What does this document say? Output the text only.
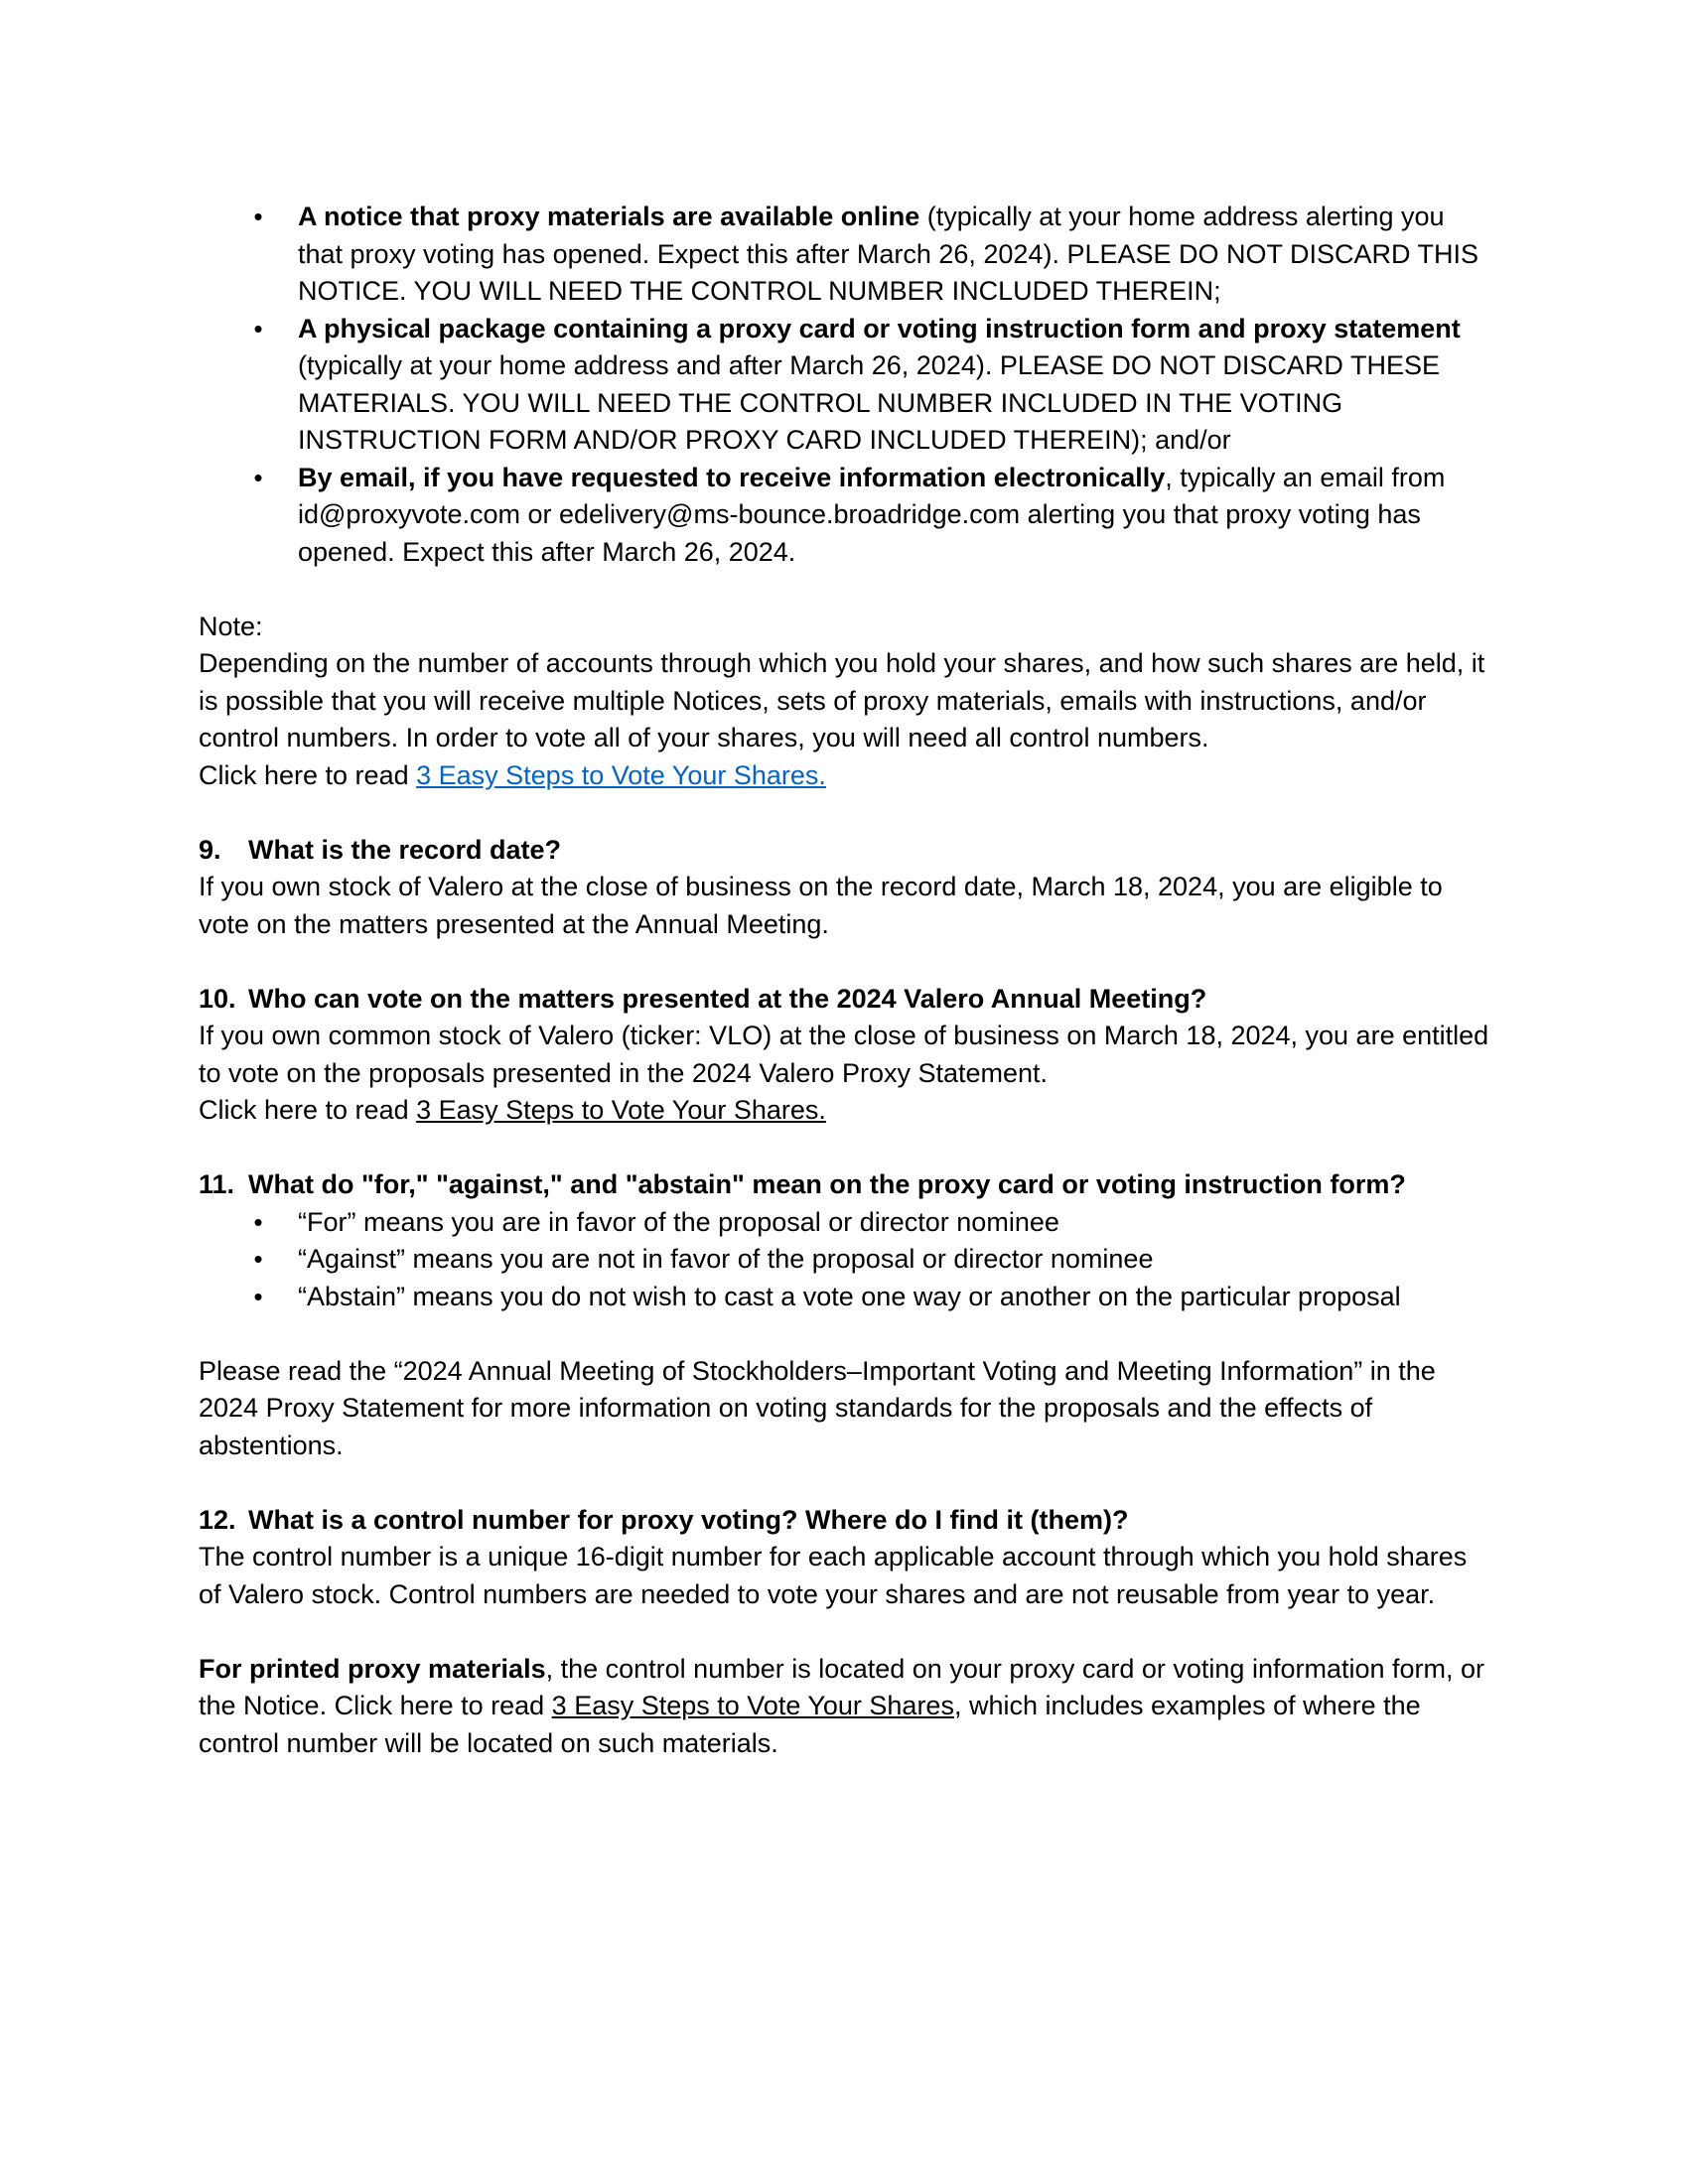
• A notice that proxy materials are available online (typically at your home address alerting you that proxy voting has opened. Expect this after March 26, 2024). PLEASE DO NOT DISCARD THIS NOTICE. YOU WILL NEED THE CONTROL NUMBER INCLUDED THEREIN;
• A physical package containing a proxy card or voting instruction form and proxy statement (typically at your home address and after March 26, 2024). PLEASE DO NOT DISCARD THESE MATERIALS. YOU WILL NEED THE CONTROL NUMBER INCLUDED IN THE VOTING INSTRUCTION FORM AND/OR PROXY CARD INCLUDED THEREIN); and/or
• By email, if you have requested to receive information electronically, typically an email from id@proxyvote.com or edelivery@ms-bounce.broadridge.com alerting you that proxy voting has opened. Expect this after March 26, 2024.

Note:

Depending on the number of accounts through which you hold your shares, and how such shares are held, it is possible that you will receive multiple Notices, sets of proxy materials, emails with instructions, and/or control numbers. In order to vote all of your shares, you will need all control numbers.

Click here to read 3 Easy Steps to Vote Your Shares.

9. What is the record date?

If you own stock of Valero at the close of business on the record date, March 18, 2024, you are eligible to vote on the matters presented at the Annual Meeting.

10. Who can vote on the matters presented at the 2024 Valero Annual Meeting?

If you own common stock of Valero (ticker: VLO) at the close of business on March 18, 2024, you are entitled to vote on the proposals presented in the 2024 Valero Proxy Statement.

Click here to read 3 Easy Steps to Vote Your Shares.

11. What do "for," "against," and "abstain" mean on the proxy card or voting instruction form?

• “For” means you are in favor of the proposal or director nominee
• “Against” means you are not in favor of the proposal or director nominee
• “Abstain” means you do not wish to cast a vote one way or another on the particular proposal

Please read the “2024 Annual Meeting of Stockholders–Important Voting and Meeting Information” in the 2024 Proxy Statement for more information on voting standards for the proposals and the effects of abstentions.

12. What is a control number for proxy voting? Where do I find it (them)?

The control number is a unique 16-digit number for each applicable account through which you hold shares of Valero stock. Control numbers are needed to vote your shares and are not reusable from year to year.

For printed proxy materials, the control number is located on your proxy card or voting information form, or the Notice. Click here to read 3 Easy Steps to Vote Your Shares, which includes examples of where the control number will be located on such materials.
